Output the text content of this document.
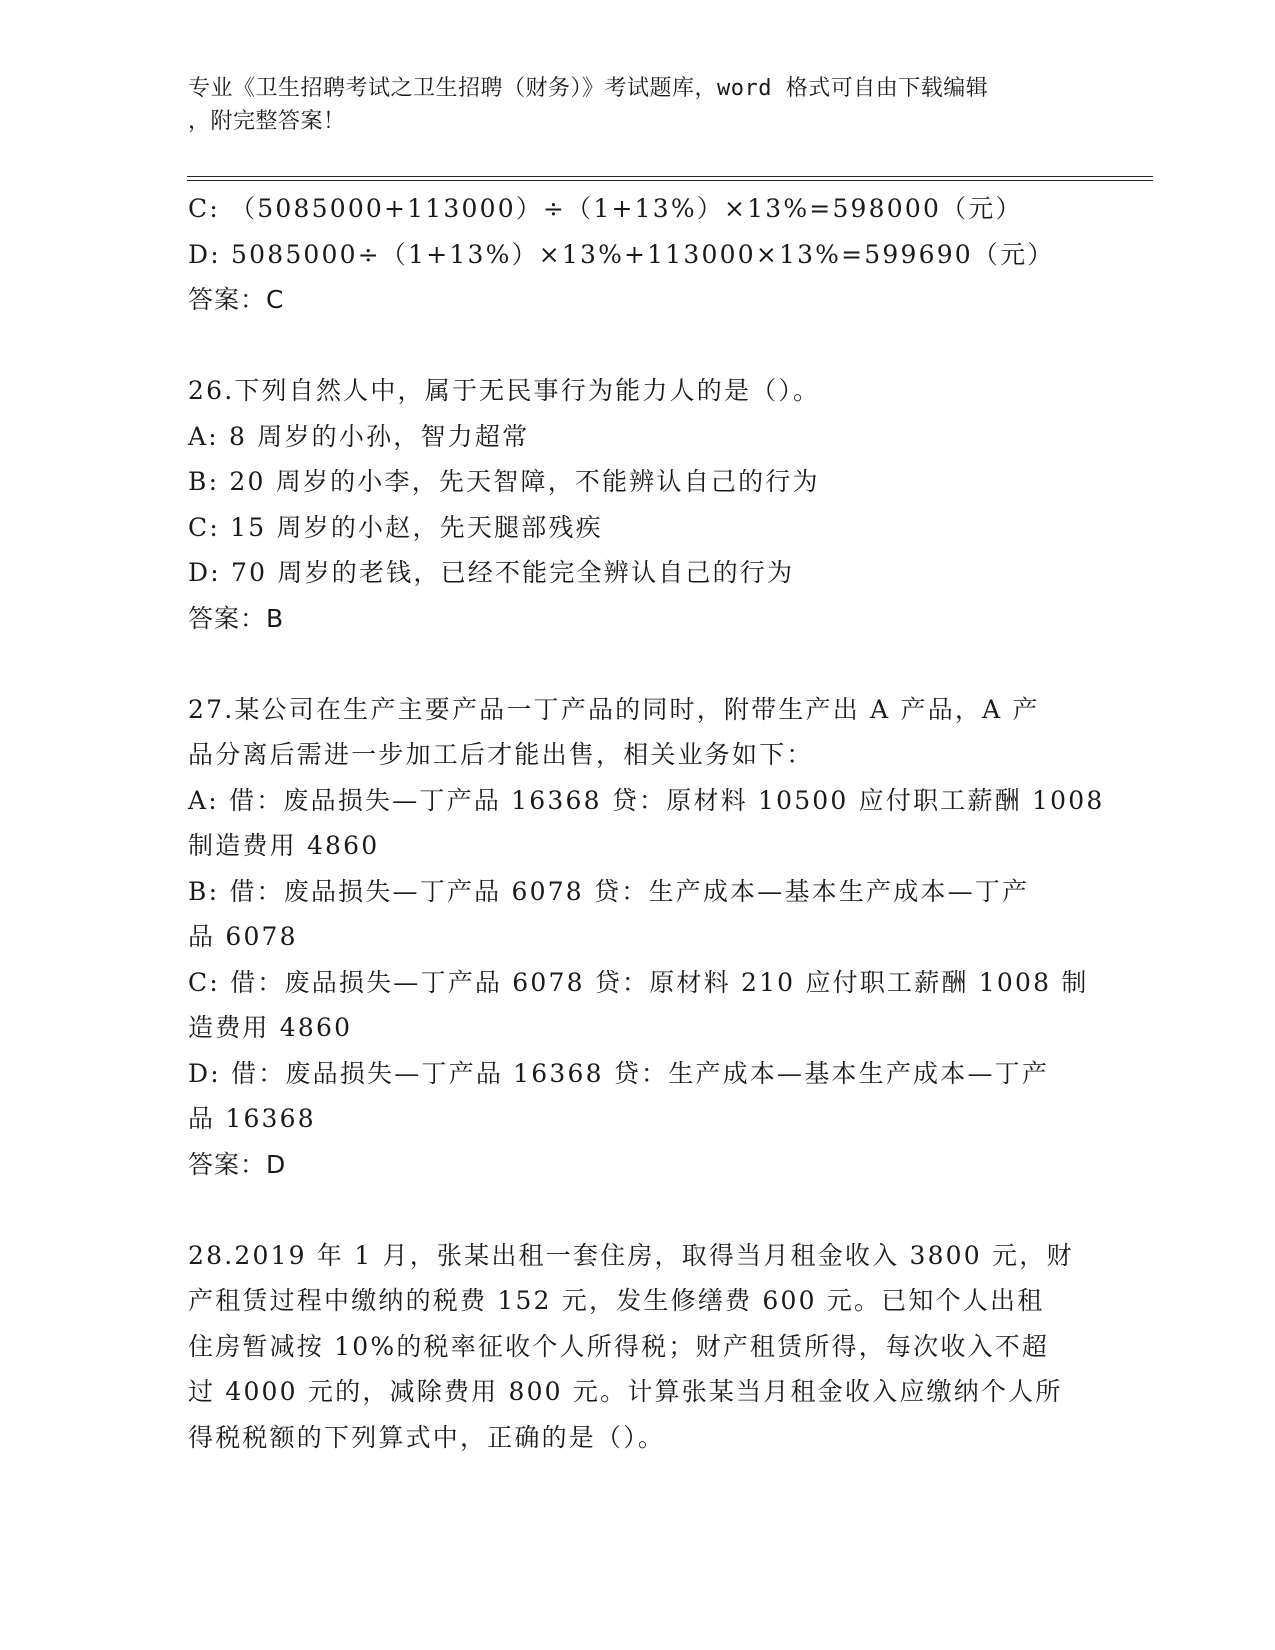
专业《卫生招聘考试之卫生招聘（财务）》考试题库，word 格式可自由下载编辑
，附完整答案！
C: （5085000+113000）÷（1+13%）×13%=598000（元）
D: 5085000÷（1+13%）×13%+113000×13%=599690（元）
答案：C
26.下列自然人中，属于无民事行为能力人的是（）。
A: 8 周岁的小孙，智力超常
B: 20 周岁的小李，先天智障，不能辨认自己的行为
C: 15 周岁的小赵，先天腿部残疾
D: 70 周岁的老钱，已经不能完全辨认自己的行为
答案：B
27.某公司在生产主要产品一丁产品的同时，附带生产出 A 产品，A 产
品分离后需进一步加工后才能出售，相关业务如下：
A: 借：废品损失—丁产品 16368 贷：原材料 10500 应付职工薪酬 1008
制造费用 4860
B: 借：废品损失—丁产品 6078 贷：生产成本—基本生产成本—丁产
品 6078
C: 借：废品损失—丁产品 6078 贷：原材料 210 应付职工薪酬 1008 制
造费用 4860
D: 借：废品损失—丁产品 16368 贷：生产成本—基本生产成本—丁产
品 16368
答案：D
28.2019 年 1 月，张某出租一套住房，取得当月租金收入 3800 元，财
产租赁过程中缴纳的税费 152 元，发生修缮费 600 元。已知个人出租
住房暂减按 10%的税率征收个人所得税；财产租赁所得，每次收入不超
过 4000 元的，减除费用 800 元。计算张某当月租金收入应缴纳个人所
得税税额的下列算式中，正确的是（）。
